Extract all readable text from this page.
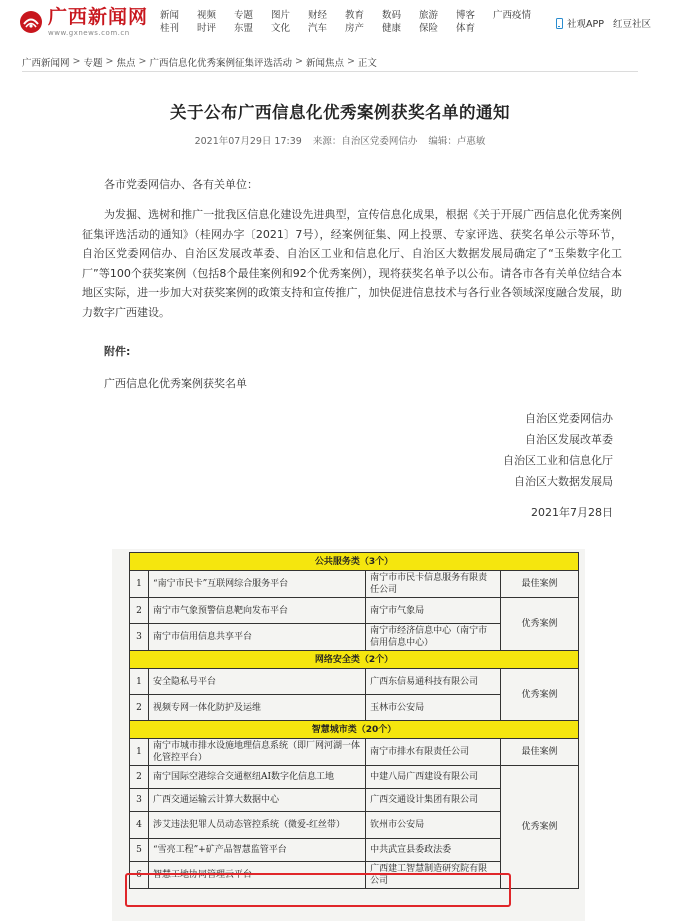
广西新闻网
www.gxnews.com.cn
新闻
桂刊
视频
时评
专题
东盟
图片
文化
财经
汽车
教育
房产
数码
健康
旅游
保险
博客
体育
广西疫情
社观APP 红豆社区
广西新闻网 > 专题 > 焦点 > 广西信息化优秀案例征集评选活动 > 新闻焦点 > 正文
关于公布广西信息化优秀案例获奖名单的通知
2021年07月29日 17:39 来源：自治区党委网信办 编辑：卢惠敏

各市党委网信办、各有关单位：

为发掘、选树和推广一批我区信息化建设先进典型，宣传信息化成果，根据《关于开展广西信息化优秀案例征集评选活动的通知》（桂网办字〔2021〕7号），经案例征集、网上投票、专家评选、获奖名单公示等环节，自治区党委网信办、自治区发展改革委、自治区工业和信息化厅、自治区大数据发展局确定了“玉柴数字化工厂”等100个获奖案例（包括8个最佳案例和92个优秀案例），现将获奖名单予以公布。请各市各有关单位结合本地区实际，进一步加大对获奖案例的政策支持和宣传推广，加快促进信息技术与各行业各领域深度融合发展，助力数字广西建设。

附件:

广西信息化优秀案例获奖名单

自治区党委网信办

自治区发展改革委

自治区工业和信息化厅

自治区大数据发展局

2021年7月28日

公共服务类（3个）			
1	“南宁市民卡”互联网综合服务平台	南宁市市民卡信息服务有限责任公司	最佳案例
2	南宁市气象预警信息靶向发布平台	南宁市气象局	优秀案例
3	南宁市信用信息共享平台	南宁市经济信息中心（南宁市信用信息中心）	
网络安全类（2个）			
1	安全隐私号平台	广西东信易通科技有限公司	优秀案例
2	视频专网一体化防护及运维	玉林市公安局	
智慧城市类（20个）			
1	南宁市城市排水设施地理信息系统（即厂网河湖一体化管控平台）	南宁市排水有限责任公司	最佳案例
2	南宁国际空港综合交通枢纽AI数字化信息工地	中建八局广西建设有限公司	优秀案例
3	广西交通运输云计算大数据中心	广西交通设计集团有限公司	
4	涉艾违法犯罪人员动态管控系统（微爱-红丝带）	钦州市公安局	
5	“雪亮工程”+矿产品智慧监管平台	中共武宣县委政法委	
6	智慧工地协同管理云平台	广西建工智慧制造研究院有限公司	
